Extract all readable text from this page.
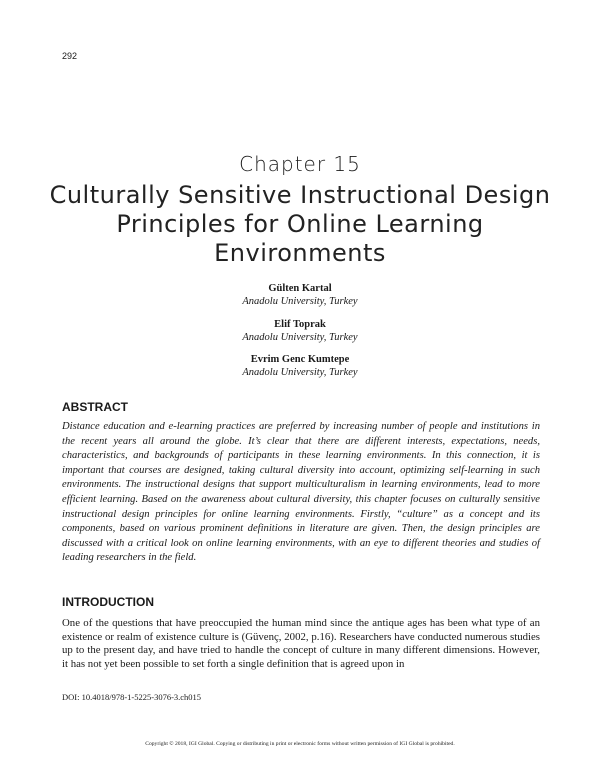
292
Chapter 15
Culturally Sensitive Instructional Design Principles for Online Learning Environments
Gülten Kartal
Anadolu University, Turkey
Elif Toprak
Anadolu University, Turkey
Evrim Genc Kumtepe
Anadolu University, Turkey
ABSTRACT
Distance education and e-learning practices are preferred by increasing number of people and institutions in the recent years all around the globe. It’s clear that there are different interests, expectations, needs, characteristics, and backgrounds of participants in these learning environments. In this connection, it is important that courses are designed, taking cultural diversity into account, optimizing self-learning in such environments. The instructional designs that support multiculturalism in learning environments, lead to more efficient learning. Based on the awareness about cultural diversity, this chapter focuses on culturally sensitive instructional design principles for online learning environments. Firstly, “culture” as a concept and its components, based on various prominent definitions in literature are given. Then, the design principles are discussed with a critical look on online learning environments, with an eye to different theories and studies of leading researchers in the field.
INTRODUCTION
One of the questions that have preoccupied the human mind since the antique ages has been what type of an existence or realm of existence culture is (Güvenç, 2002, p.16). Researchers have conducted numerous studies up to the present day, and have tried to handle the concept of culture in many different dimensions. However, it has not yet been possible to set forth a single definition that is agreed upon in
DOI: 10.4018/978-1-5225-3076-3.ch015
Copyright © 2018, IGI Global. Copying or distributing in print or electronic forms without written permission of IGI Global is prohibited.
